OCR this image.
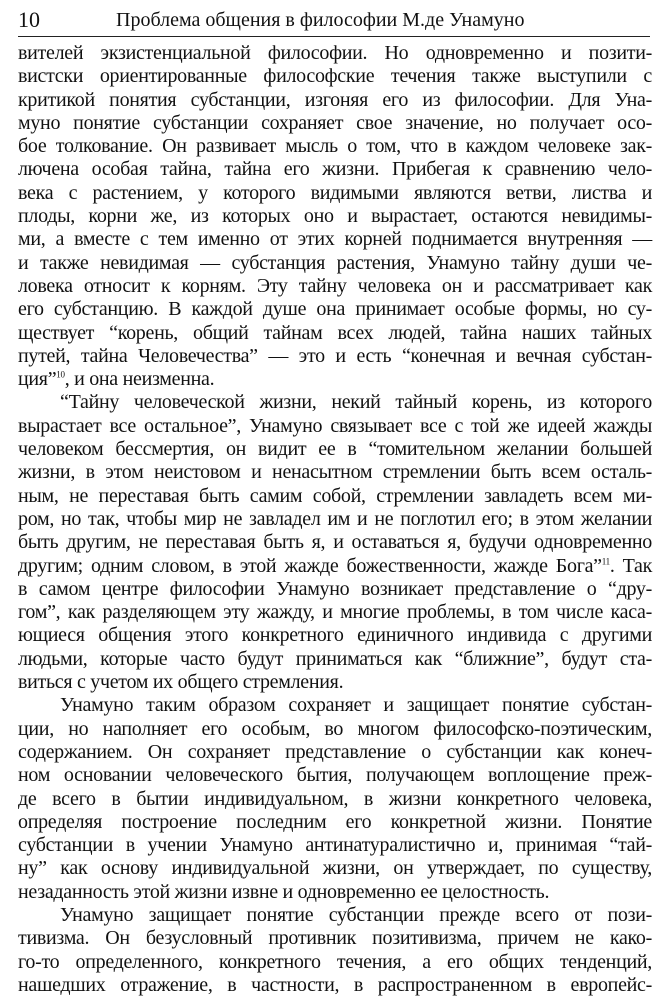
10	Проблема общения в философии М.де Унамуно
вителей экзистенциальной философии. Но одновременно и позити-
вистски ориентированные философские течения также выступили с
критикой понятия субстанции, изгоняя его из философии. Для Уна-
муно понятие субстанции сохраняет свое значение, но получает осо-
бое толкование. Он развивает мысль о том, что в каждом человеке зак-
лючена особая тайна, тайна его жизни. Прибегая к сравнению чело-
века с растением, у которого видимыми являются ветви, листва и
плоды, корни же, из которых оно и вырастает, остаются невидимы-
ми, а вместе с тем именно от этих корней поднимается внутренняя —
и также невидимая — субстанция растения, Унамуно тайну души че-
ловека относит к корням. Эту тайну человека он и рассматривает как
его субстанцию. В каждой душе она принимает особые формы, но су-
ществует “корень, общий тайнам всех людей, тайна наших тайных
путей, тайна Человечества” — это и есть “конечная и вечная субстан-
ция”$^{10}$, и она неизменна.
“Тайну человеческой жизни, некий тайный корень, из которого
вырастает все остальное”, Унамуно связывает все с той же идеей жажды
человеком бессмертия, он видит ее в “томительном желании большей
жизни, в этом неистовом и ненасытном стремлении быть всем осталь-
ным, не переставая быть самим собой, стремлении завладеть всем ми-
ром, но так, чтобы мир не завладел им и не поглотил его; в этом желании
быть другим, не переставая быть я, и оставаться я, будучи одновременно
другим; одним словом, в этой жажде божественности, жажде Бога”$^{11}$. Так
в самом центре философии Унамуно возникает представление о “дру-
гом”, как разделяющем эту жажду, и многие проблемы, в том числе каса-
ющиеся общения этого конкретного единичного индивида с другими
людьми, которые часто будут приниматься как “ближние”, будут ста-
виться с учетом их общего стремления.
Унамуно таким образом сохраняет и защищает понятие субстан-
ции, но наполняет его особым, во многом философско-поэтическим,
содержанием. Он сохраняет представление о субстанции как конеч-
ном основании человеческого бытия, получающем воплощение преж-
де всего в бытии индивидуальном, в жизни конкретного человека,
определяя построение последним его конкретной жизни. Понятие
субстанции в учении Унамуно антинатуралистично и, принимая “тай-
ну” как основу индивидуальной жизни, он утверждает, по существу,
незаданность этой жизни извне и одновременно ее целостность.
Унамуно защищает понятие субстанции прежде всего от пози-
тивизма. Он безусловный противник позитивизма, причем не како-
го-то определенного, конкретного течения, а его общих тенденций,
нашедших отражение, в частности, в распространенном в европейс-
